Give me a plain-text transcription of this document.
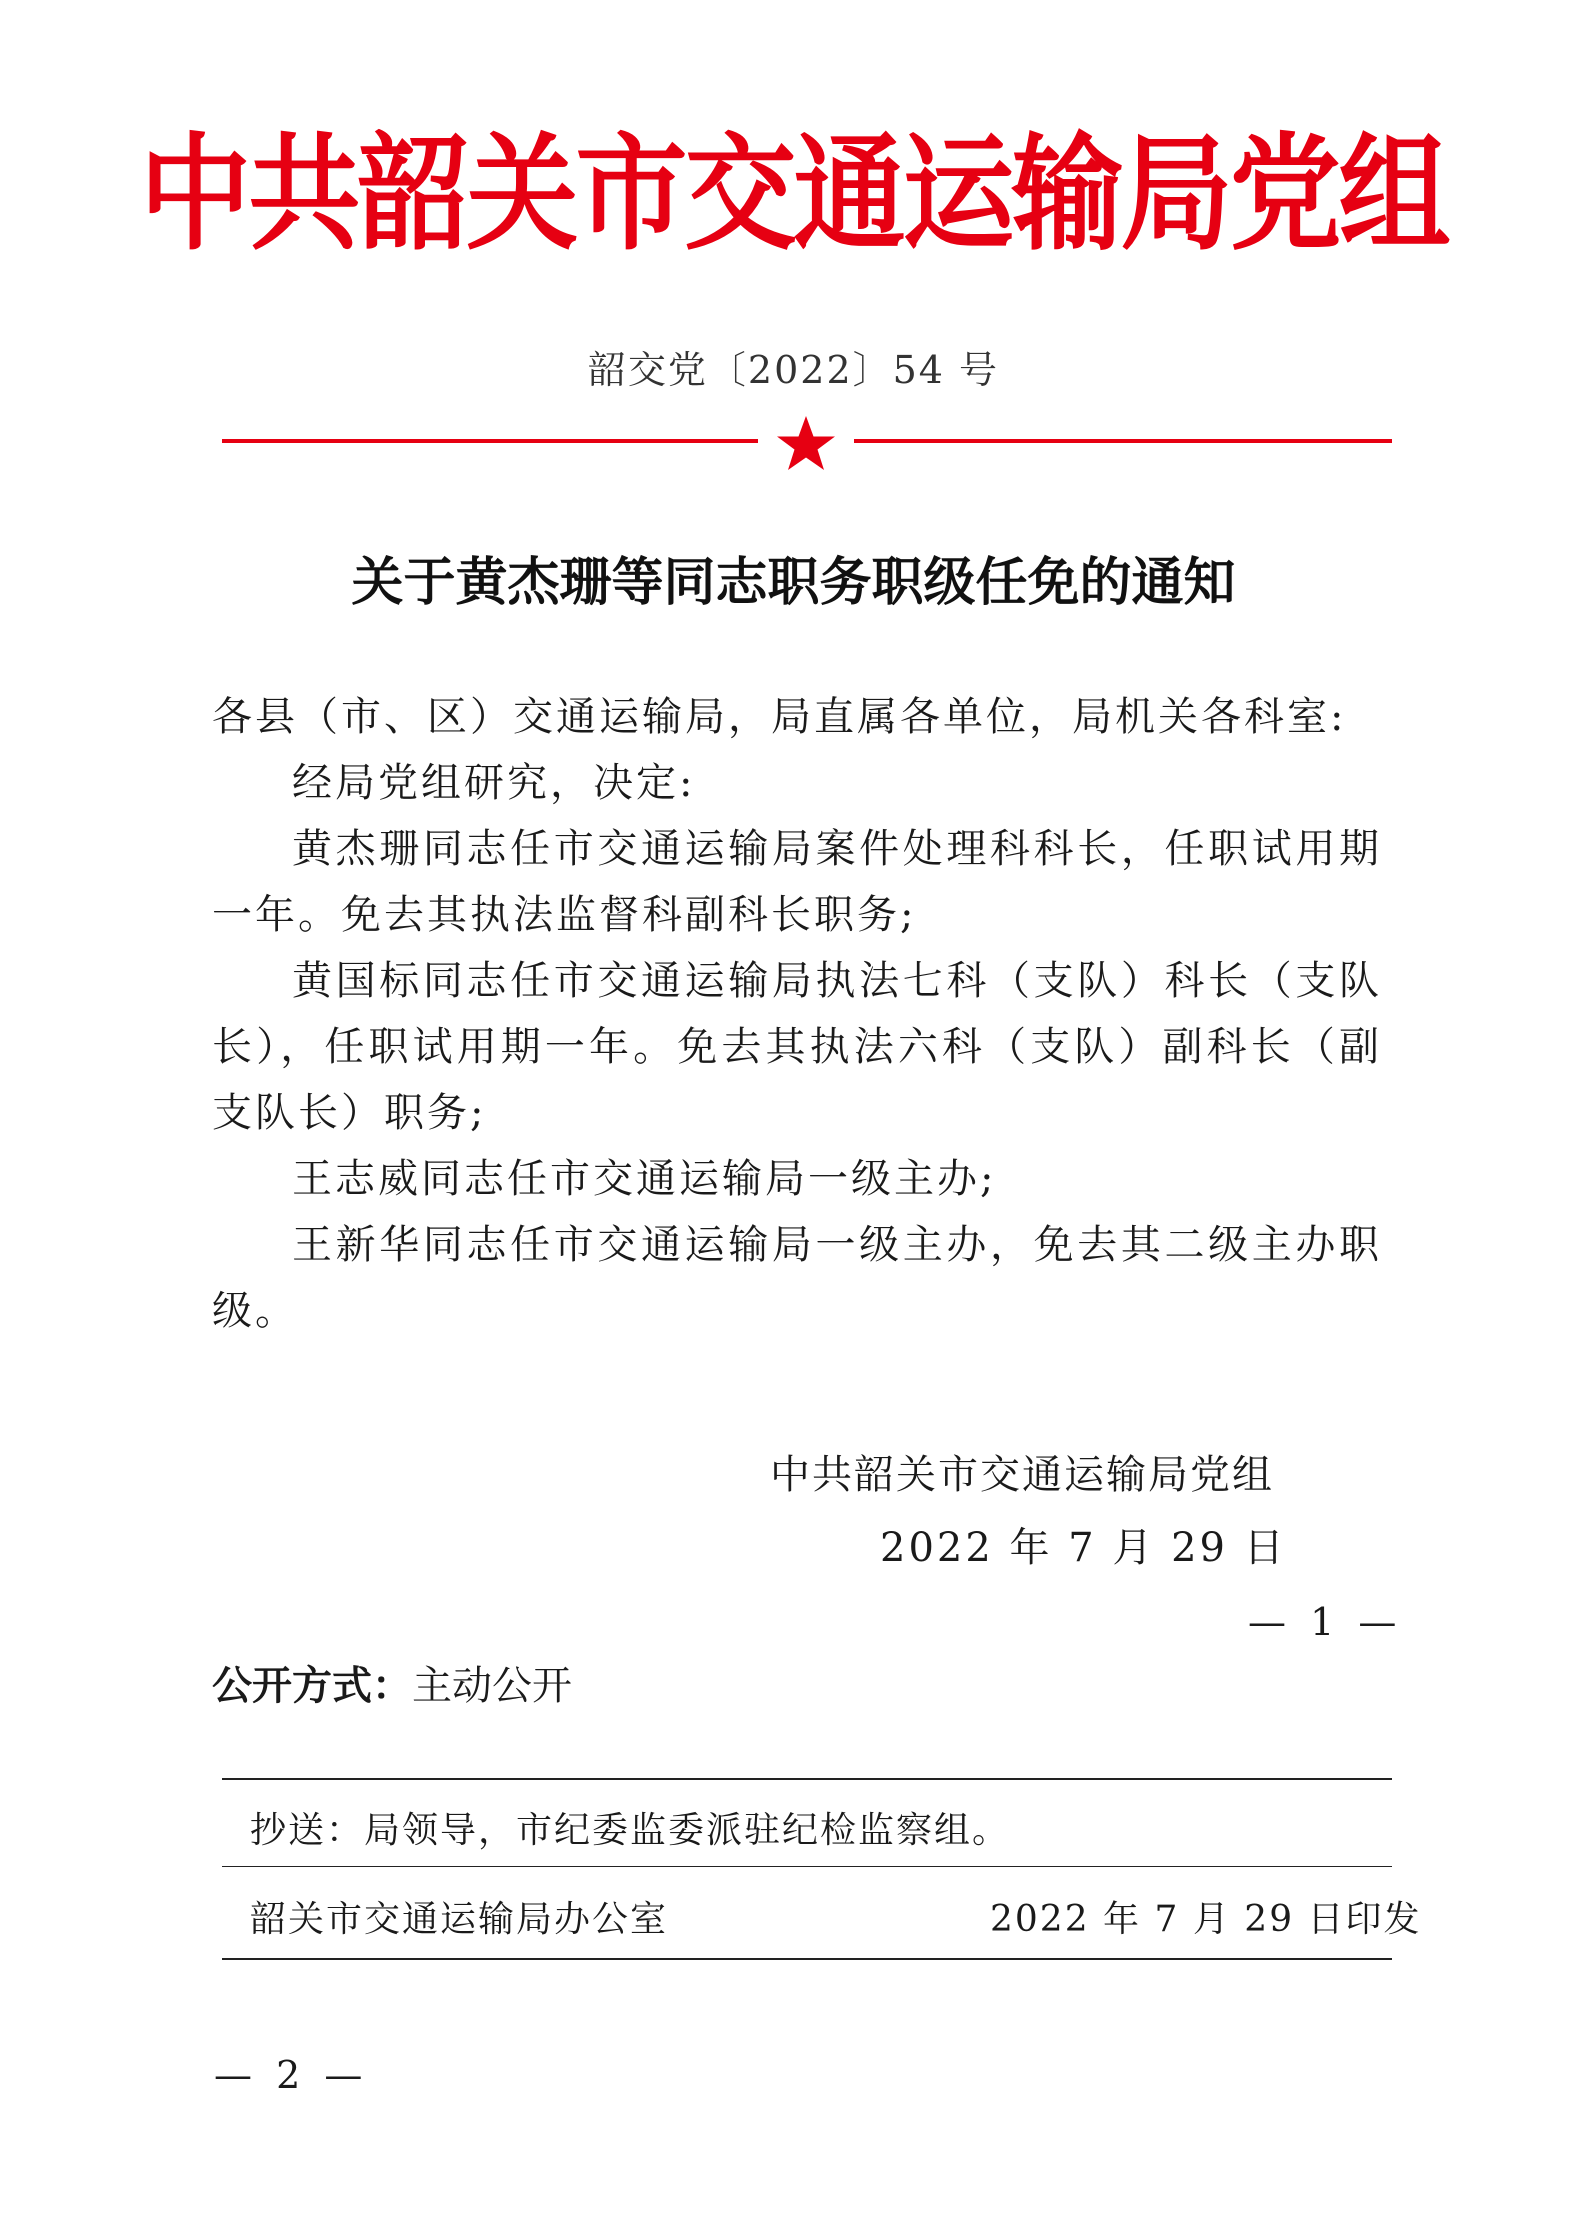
中共韶关市交通运输局党组
韶交党〔2022〕54 号
关于黄杰珊等同志职务职级任免的通知

各县（市、区）交通运输局，局直属各单位，局机关各科室:

经局党组研究，决定:

黄杰珊同志任市交通运输局案件处理科科长，任职试用期一年。免去其执法监督科副科长职务;

黄国标同志任市交通运输局执法七科（支队）科长（支队长），任职试用期一年。免去其执法六科（支队）副科长（副支队长）职务;

王志威同志任市交通运输局一级主办;

王新华同志任市交通运输局一级主办，免去其二级主办职级。

中共韶关市交通运输局党组
2022 年 7 月 29 日
— 1 —
公开方式：主动公开
抄送：局领导，市纪委监委派驻纪检监察组。
韶关市交通运输局办公室	2022 年 7 月 29 日印发
— 2 —
